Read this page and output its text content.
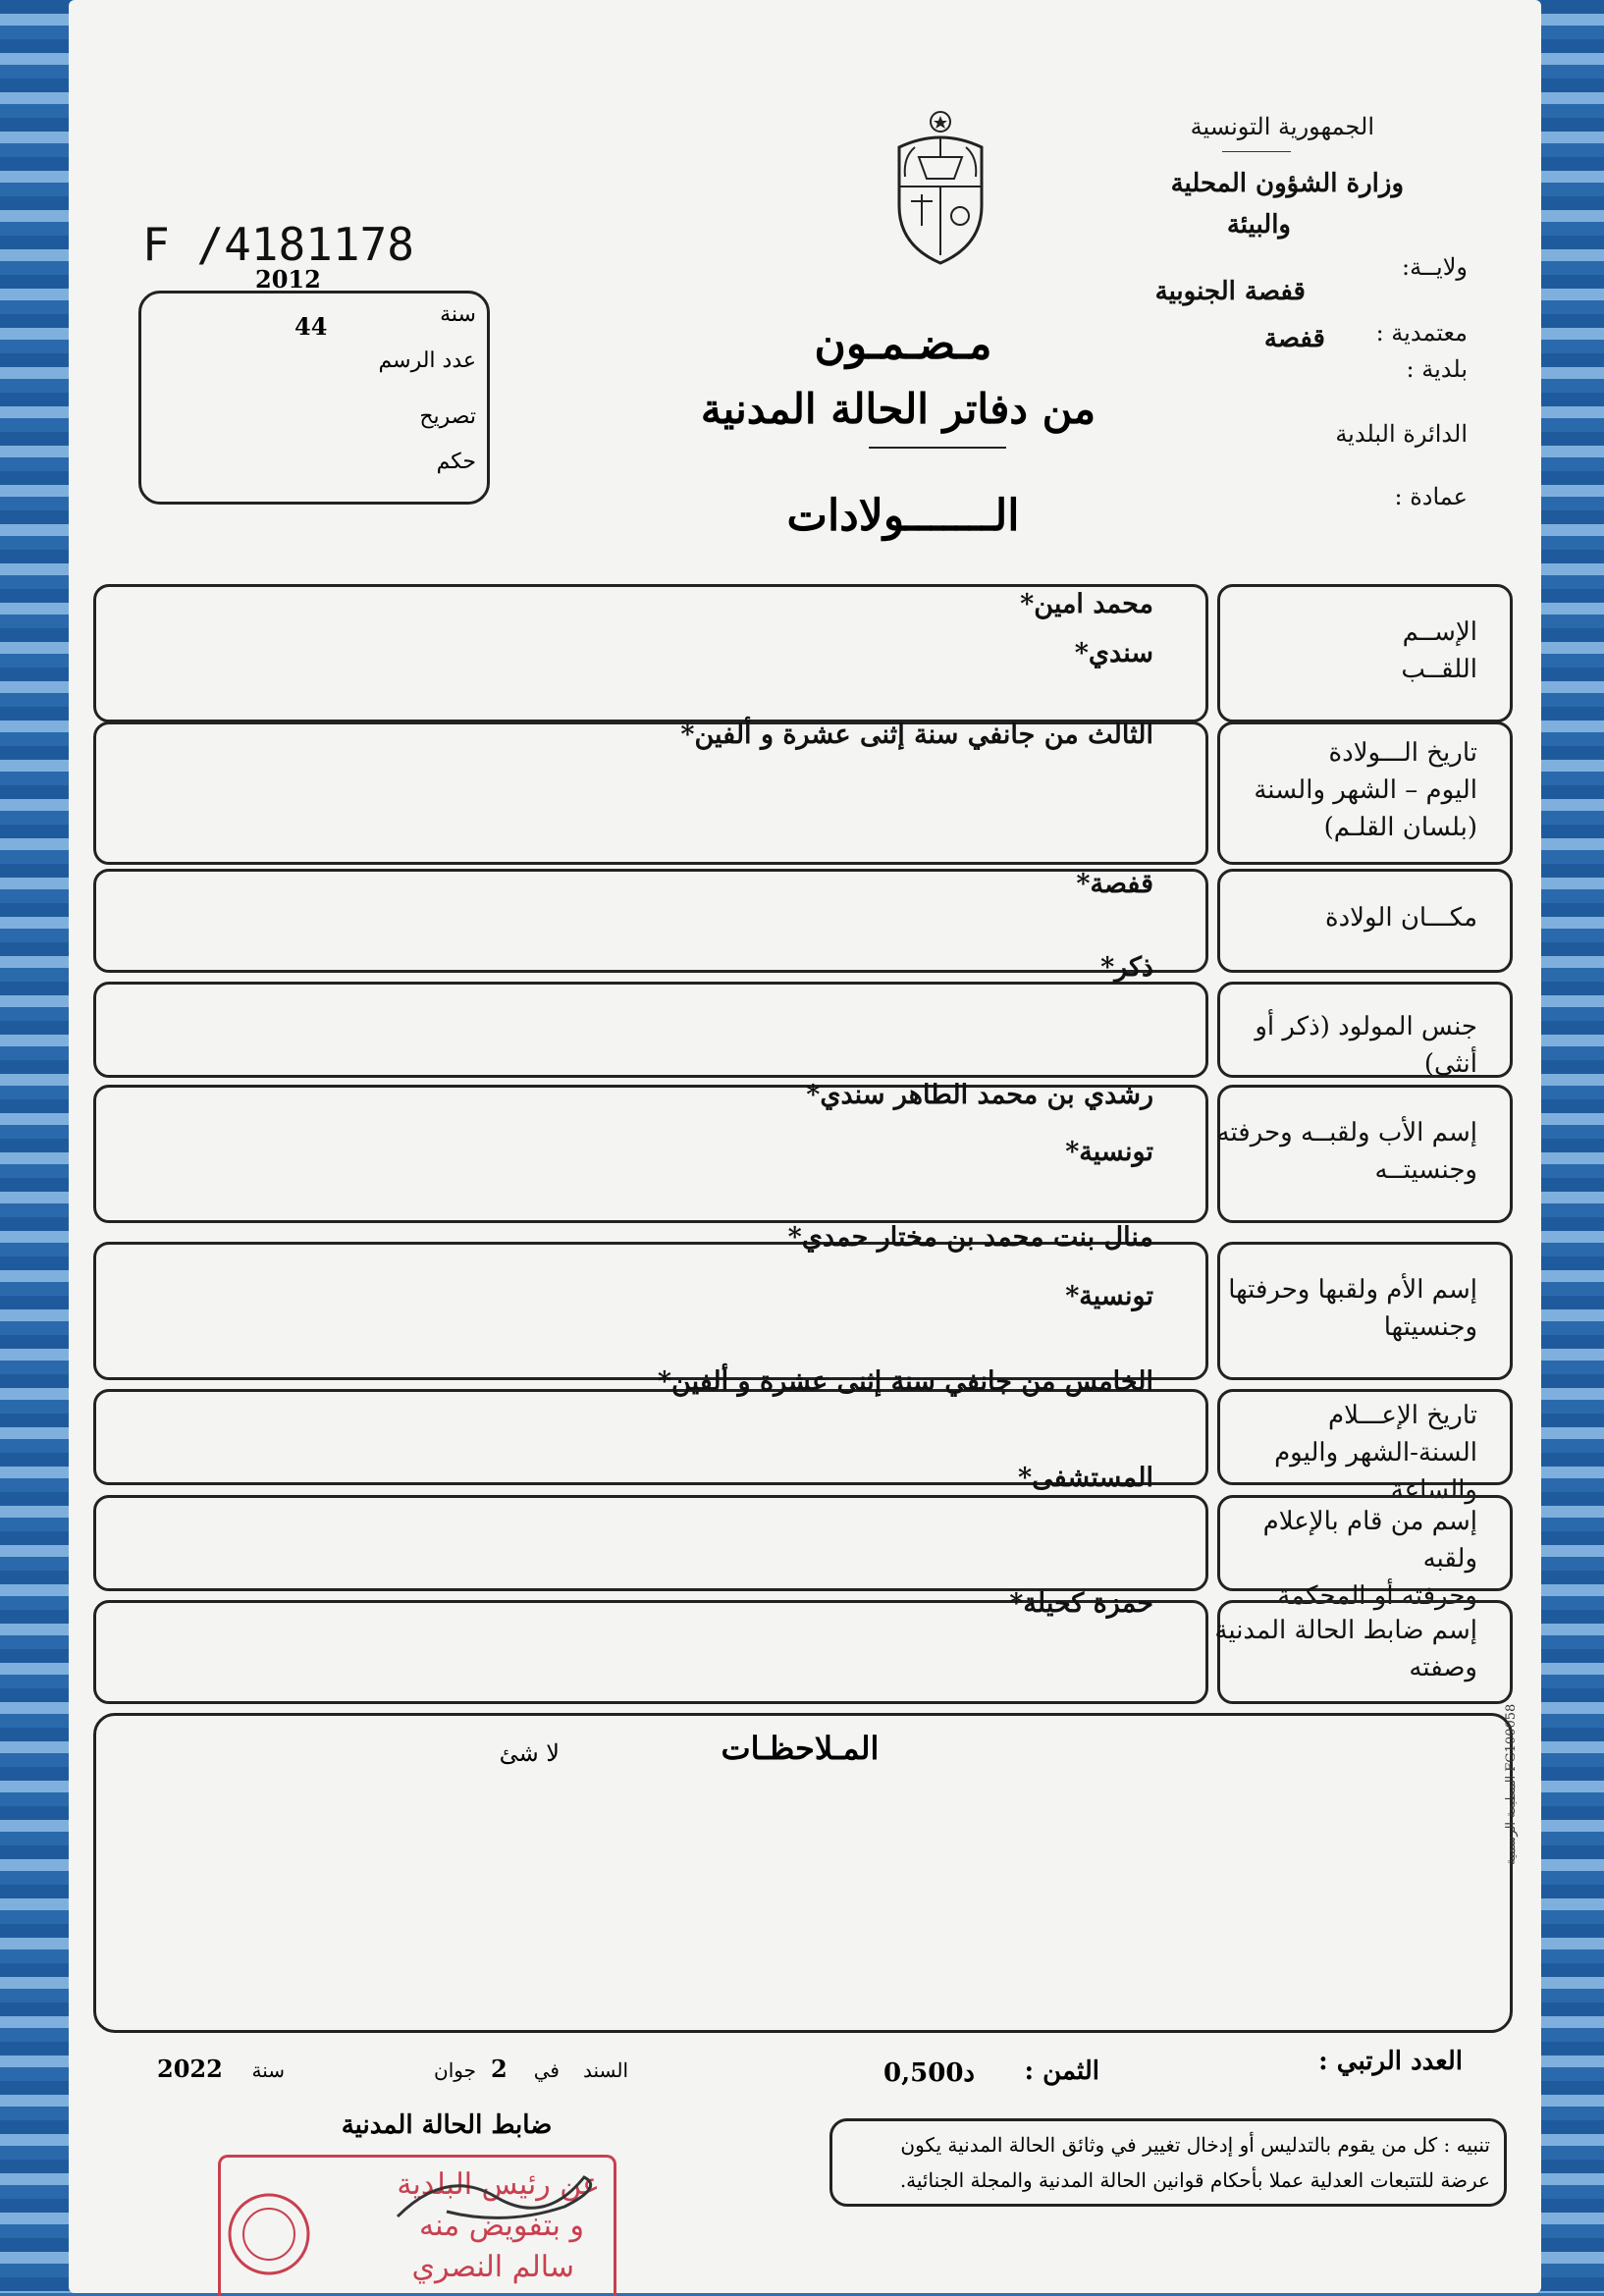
الجمهورية التونسية
وزارة الشؤون المحلية
والبيئة
ولايــة:
قفصة الجنوبية
معتمدية :
قفصة
بلدية :
الدائرة البلدية
عمادة :
F /4181178
2012
سنة
44
عدد الرسم
تصريح
حكم
مـضـمـون
من دفاتر الحالة المدنية
الـــــــولادات
المـلاحظـات
لا شئ
المطبعة الرسمية FG100058
العدد الرتبي :
الثمن :
0,500د
السند
في
2
جوان
سنة
2022
ضابط الحالة المدنية
تنبيه : كل من يقوم بالتدليس أو إدخال تغيير في وثائق الحالة المدنية يكون عرضة للتتبعات العدلية عملا بأحكام قوانين الحالة المدنية والمجلة الجنائية.
عن رئيس البلدية
و بتفويض منه
سالم النصري
الإســم
اللقــب
محمد امين*
سندي*
تاريخ الـــولادة
اليوم – الشهر والسنة
(بلسان القلـم)
الثالث من جانفي سنة إثنى عشرة و ألفين*
مكـــان الولادة
قفصة*
جنس المولود (ذكر أو أنثى)
ذكر*
إسم الأب ولقبــه وحرفته
وجنسيتــه
رشدي بن محمد الطاهر سندي*
تونسية*
إسم الأم ولقبها وحرفتها
وجنسيتها
منال بنت محمد بن مختار حمدي*
تونسية*
تاريخ الإعـــلام
السنة-الشهر واليوم والساعة
الخامس من جانفي سنة إثنى عشرة و ألفين*
إسم من قام بالإعلام ولقبه
وحرفته أو المحكمة
المستشفى*
إسم ضابط الحالة المدنية
وصفته
حمزة كحيلة*
